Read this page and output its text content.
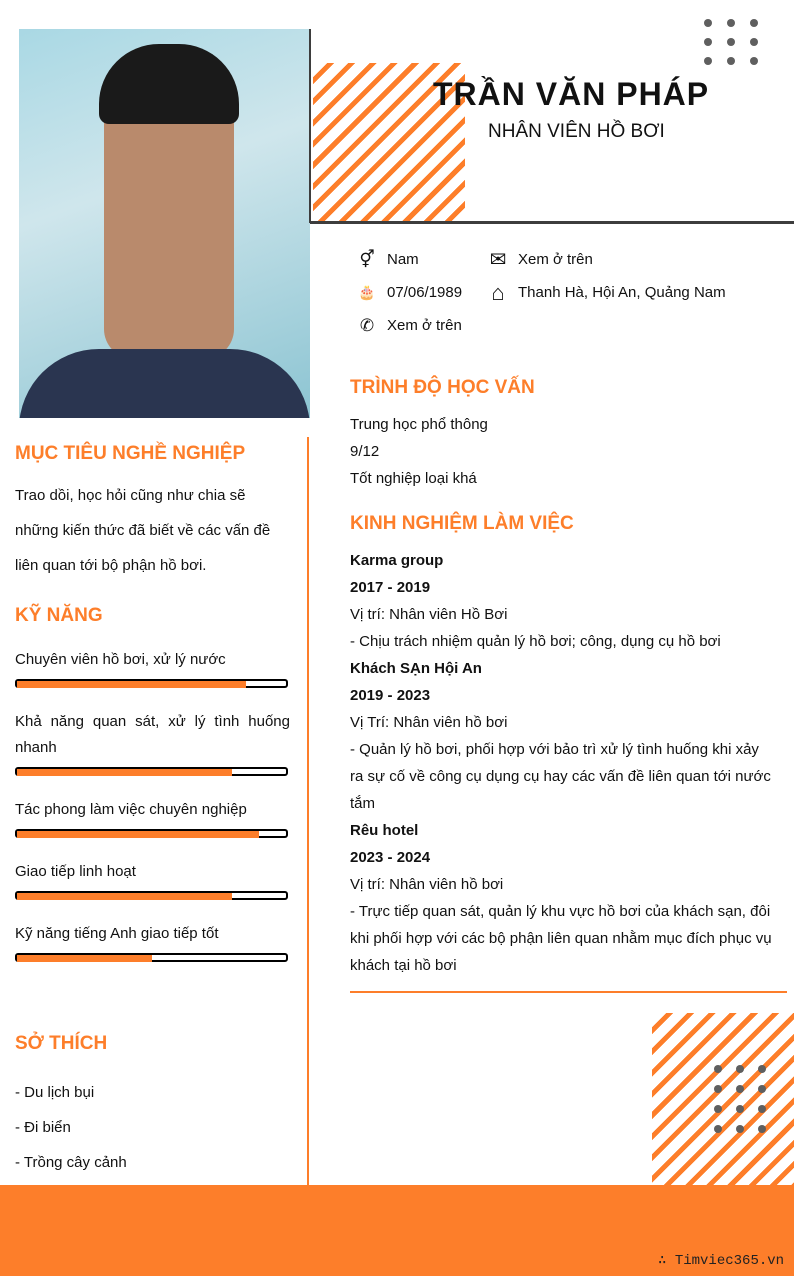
TRẦN VĂN PHÁP
NHÂN VIÊN HỒ BƠI
⚥ Nam
🎂 07/06/1989
✆ Xem ở trên
✉ Xem ở trên
⌂ Thanh Hà, Hội An, Quảng Nam
MỤC TIÊU NGHỀ NGHIỆP
Trao dồi, học hỏi cũng như chia sẽ những kiến thức đã biết về các vấn đề liên quan tới bộ phận hồ bơi.
KỸ NĂNG
Chuyên viên hồ bơi, xử lý nước
Khả năng quan sát, xử lý tình huống nhanh
Tác phong làm việc chuyên nghiệp
Giao tiếp linh hoạt
Kỹ năng tiếng Anh giao tiếp tốt
SỞ THÍCH
- Du lịch bụi
- Đi biển
- Trồng cây cảnh
TRÌNH ĐỘ HỌC VẤN
Trung học phổ thông
9/12
Tốt nghiệp loại khá
KINH NGHIỆM LÀM VIỆC
Karma group
2017 - 2019
Vị trí: Nhân viên Hồ Bơi
- Chịu trách nhiệm quản lý hồ bơi; công, dụng cụ hồ bơi
Khách SẠn Hội An
2019 - 2023
Vị Trí: Nhân viên hồ bơi
- Quản lý hồ bơi, phối hợp với bảo trì xử lý tình huống khi xảy ra sự cố về công cụ dụng cụ hay các vấn đề liên quan tới nước tắm
Rêu hotel
2023 - 2024
Vị trí: Nhân viên hồ bơi
- Trực tiếp quan sát, quản lý khu vực hồ bơi của khách sạn, đôi khi phối hợp với các bộ phận liên quan nhằm mục đích phục vụ khách tại hồ bơi
∴ Timviec365.vn
